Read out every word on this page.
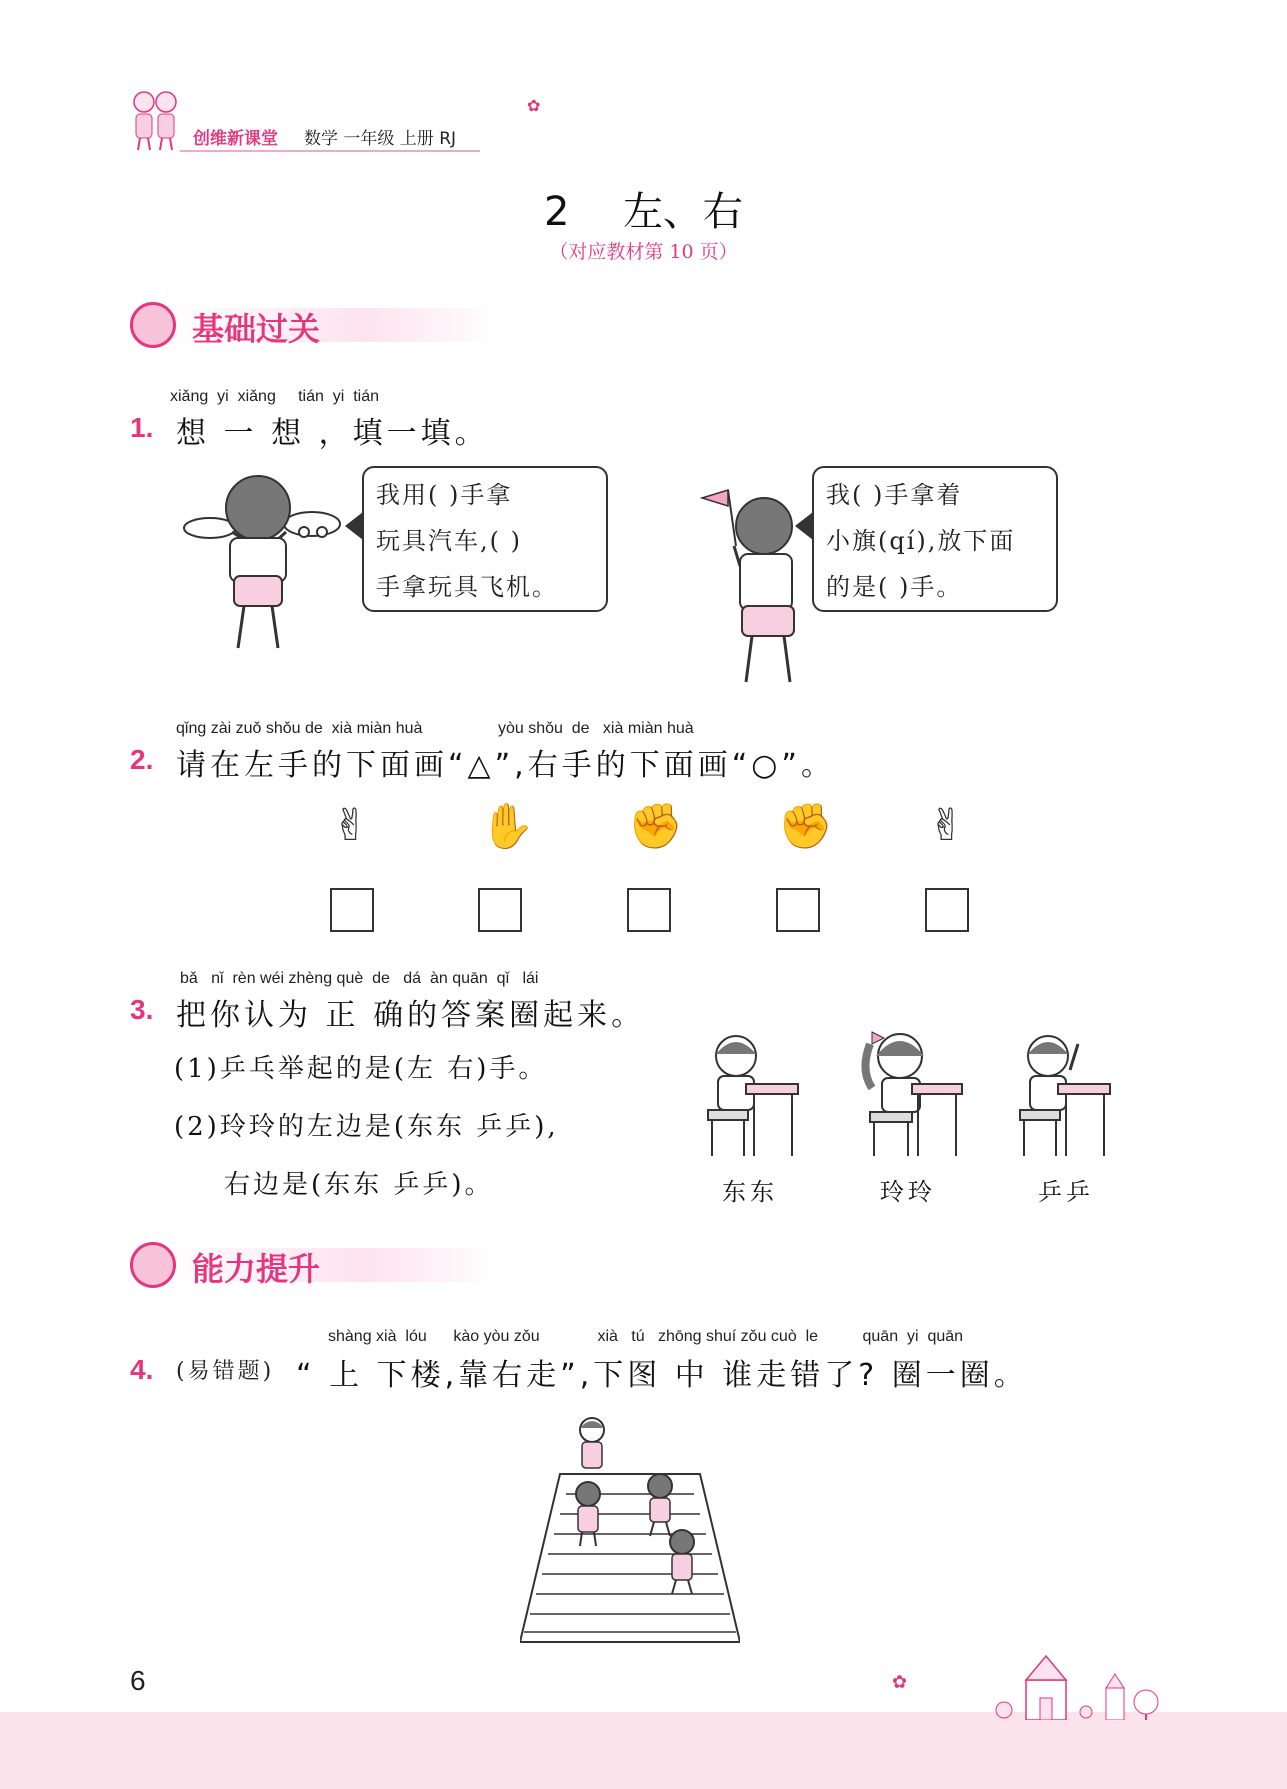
创维新课堂 数学 一年级 上册 RJ
✿
2 左、右
（对应教材第 10 页）
基础过关
xiǎng  yi  xiǎng     tián  yi  tián
1. 想 一 想 ，填一填。
我用( )手拿
玩具汽车,( )
手拿玩具飞机。
我( )手拿着
小旗(qí),放下面
的是( )手。
qǐng zài zuǒ shǒu de  xià miàn huà                 yòu shǒu  de   xià miàn huà
2. 请在左手的下面画“△”,右手的下面画“○”。
✌	✋ ✊ ✊ ✌
bǎ   nǐ  rèn wéi zhèng què  de   dá  àn quān  qǐ   lái
3. 把你认为 正 确的答案圈起来。
(1)乒乓举起的是(左 右)手。
(2)玲玲的左边是(东东 乒乒),
右边是(东东 乒乒)。	东东	玲玲	乒乒
能力提升
shàng xià  lóu      kào yòu zǒu             xià   tú   zhōng shuí zǒu cuò  le          quān  yi  quān
4. (易错题) “ 上 下楼,靠右走”,下图 中 谁走错了? 圈一圈。
6	✿
